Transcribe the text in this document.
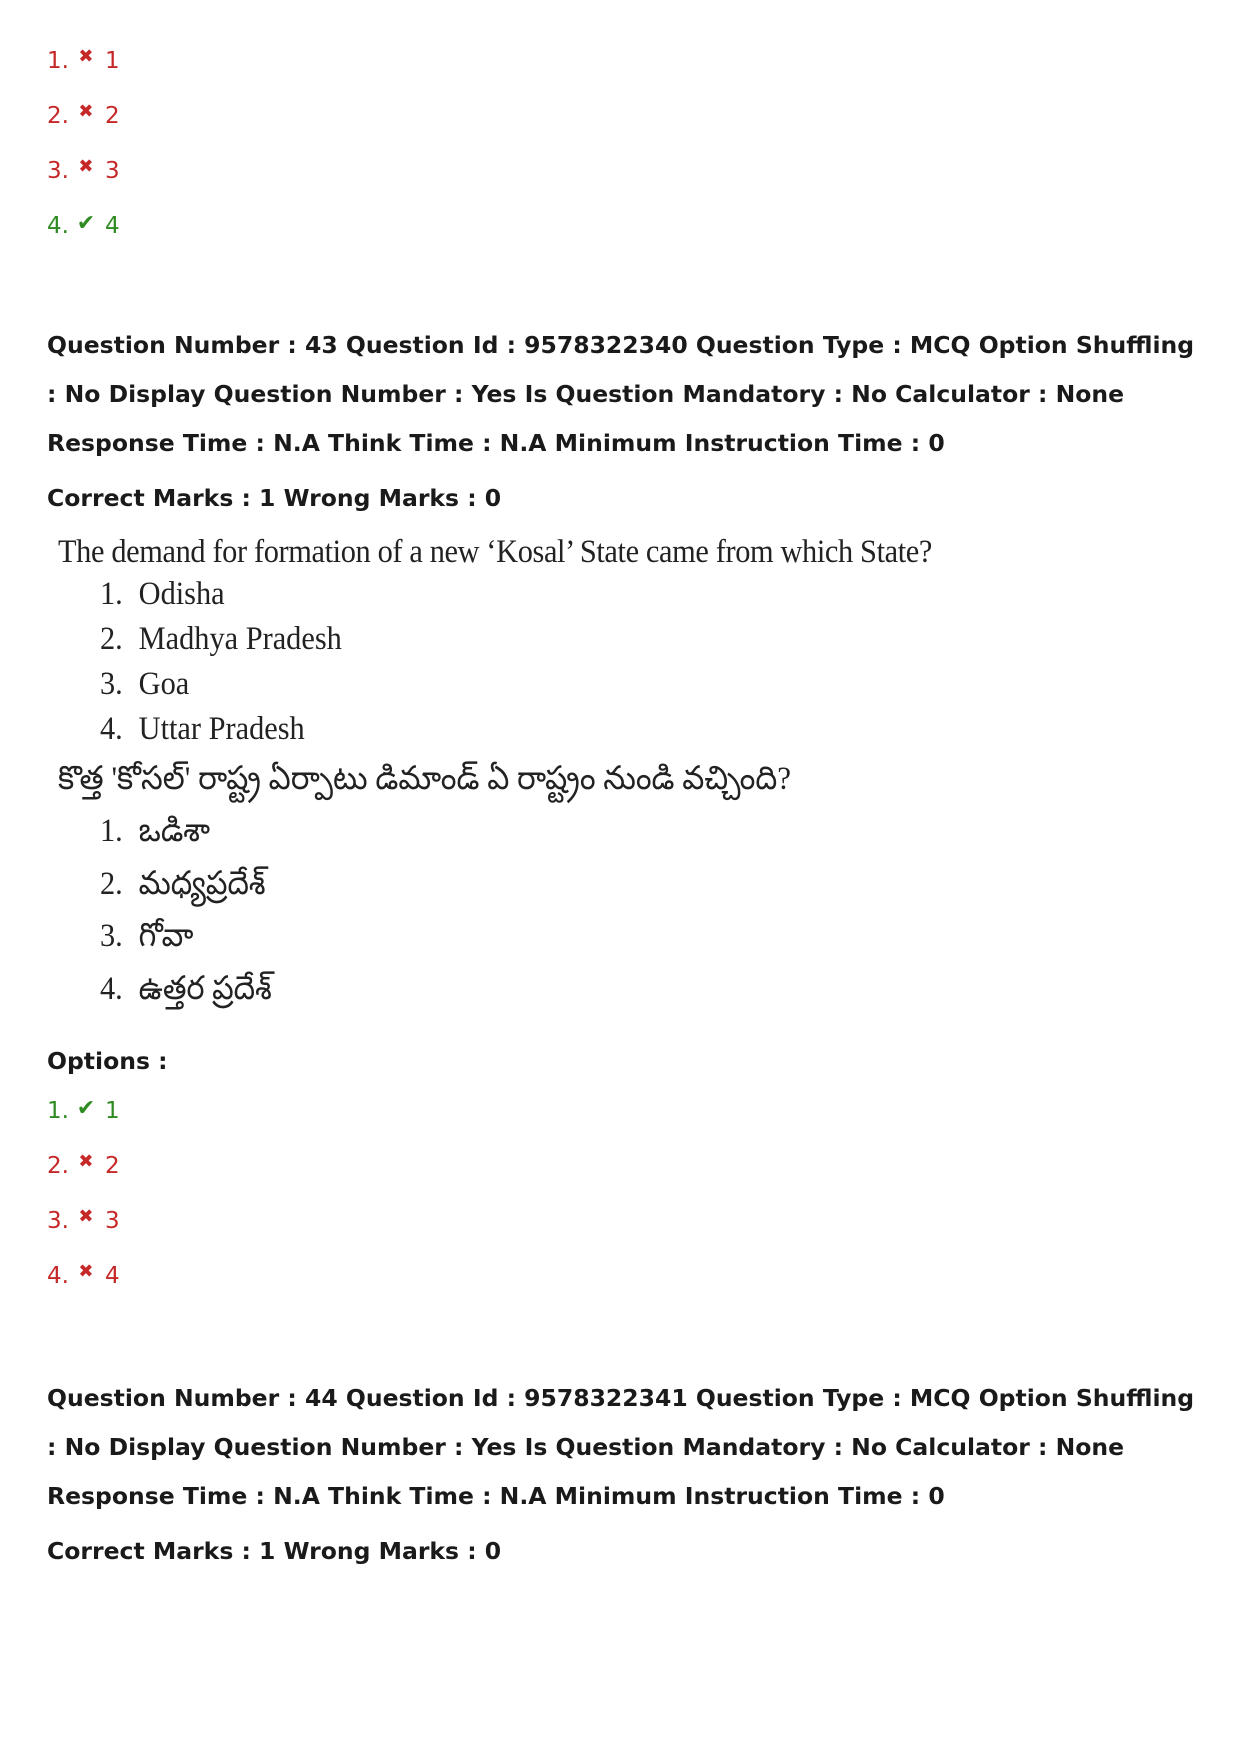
1. ✖ 1
2. ✖ 2
3. ✖ 3
4. ✔ 4
Question Number : 43 Question Id : 9578322340 Question Type : MCQ Option Shuffling : No Display Question Number : Yes Is Question Mandatory : No Calculator : None Response Time : N.A Think Time : N.A Minimum Instruction Time : 0
Correct Marks : 1 Wrong Marks : 0
The demand for formation of a new ‘Kosal’ State came from which State?
1. Odisha
2. Madhya Pradesh
3. Goa
4. Uttar Pradesh
కొత్త 'కోసల్' రాష్ట్ర ఏర్పాటు డిమాండ్ ఏ రాష్ట్రం నుండి వచ్చింది?
1. ఒడిశా
2. మధ్యప్రదేశ్
3. గోవా
4. ఉత్తర ప్రదేశ్
Options :
1. ✔ 1
2. ✖ 2
3. ✖ 3
4. ✖ 4
Question Number : 44 Question Id : 9578322341 Question Type : MCQ Option Shuffling : No Display Question Number : Yes Is Question Mandatory : No Calculator : None Response Time : N.A Think Time : N.A Minimum Instruction Time : 0
Correct Marks : 1 Wrong Marks : 0
